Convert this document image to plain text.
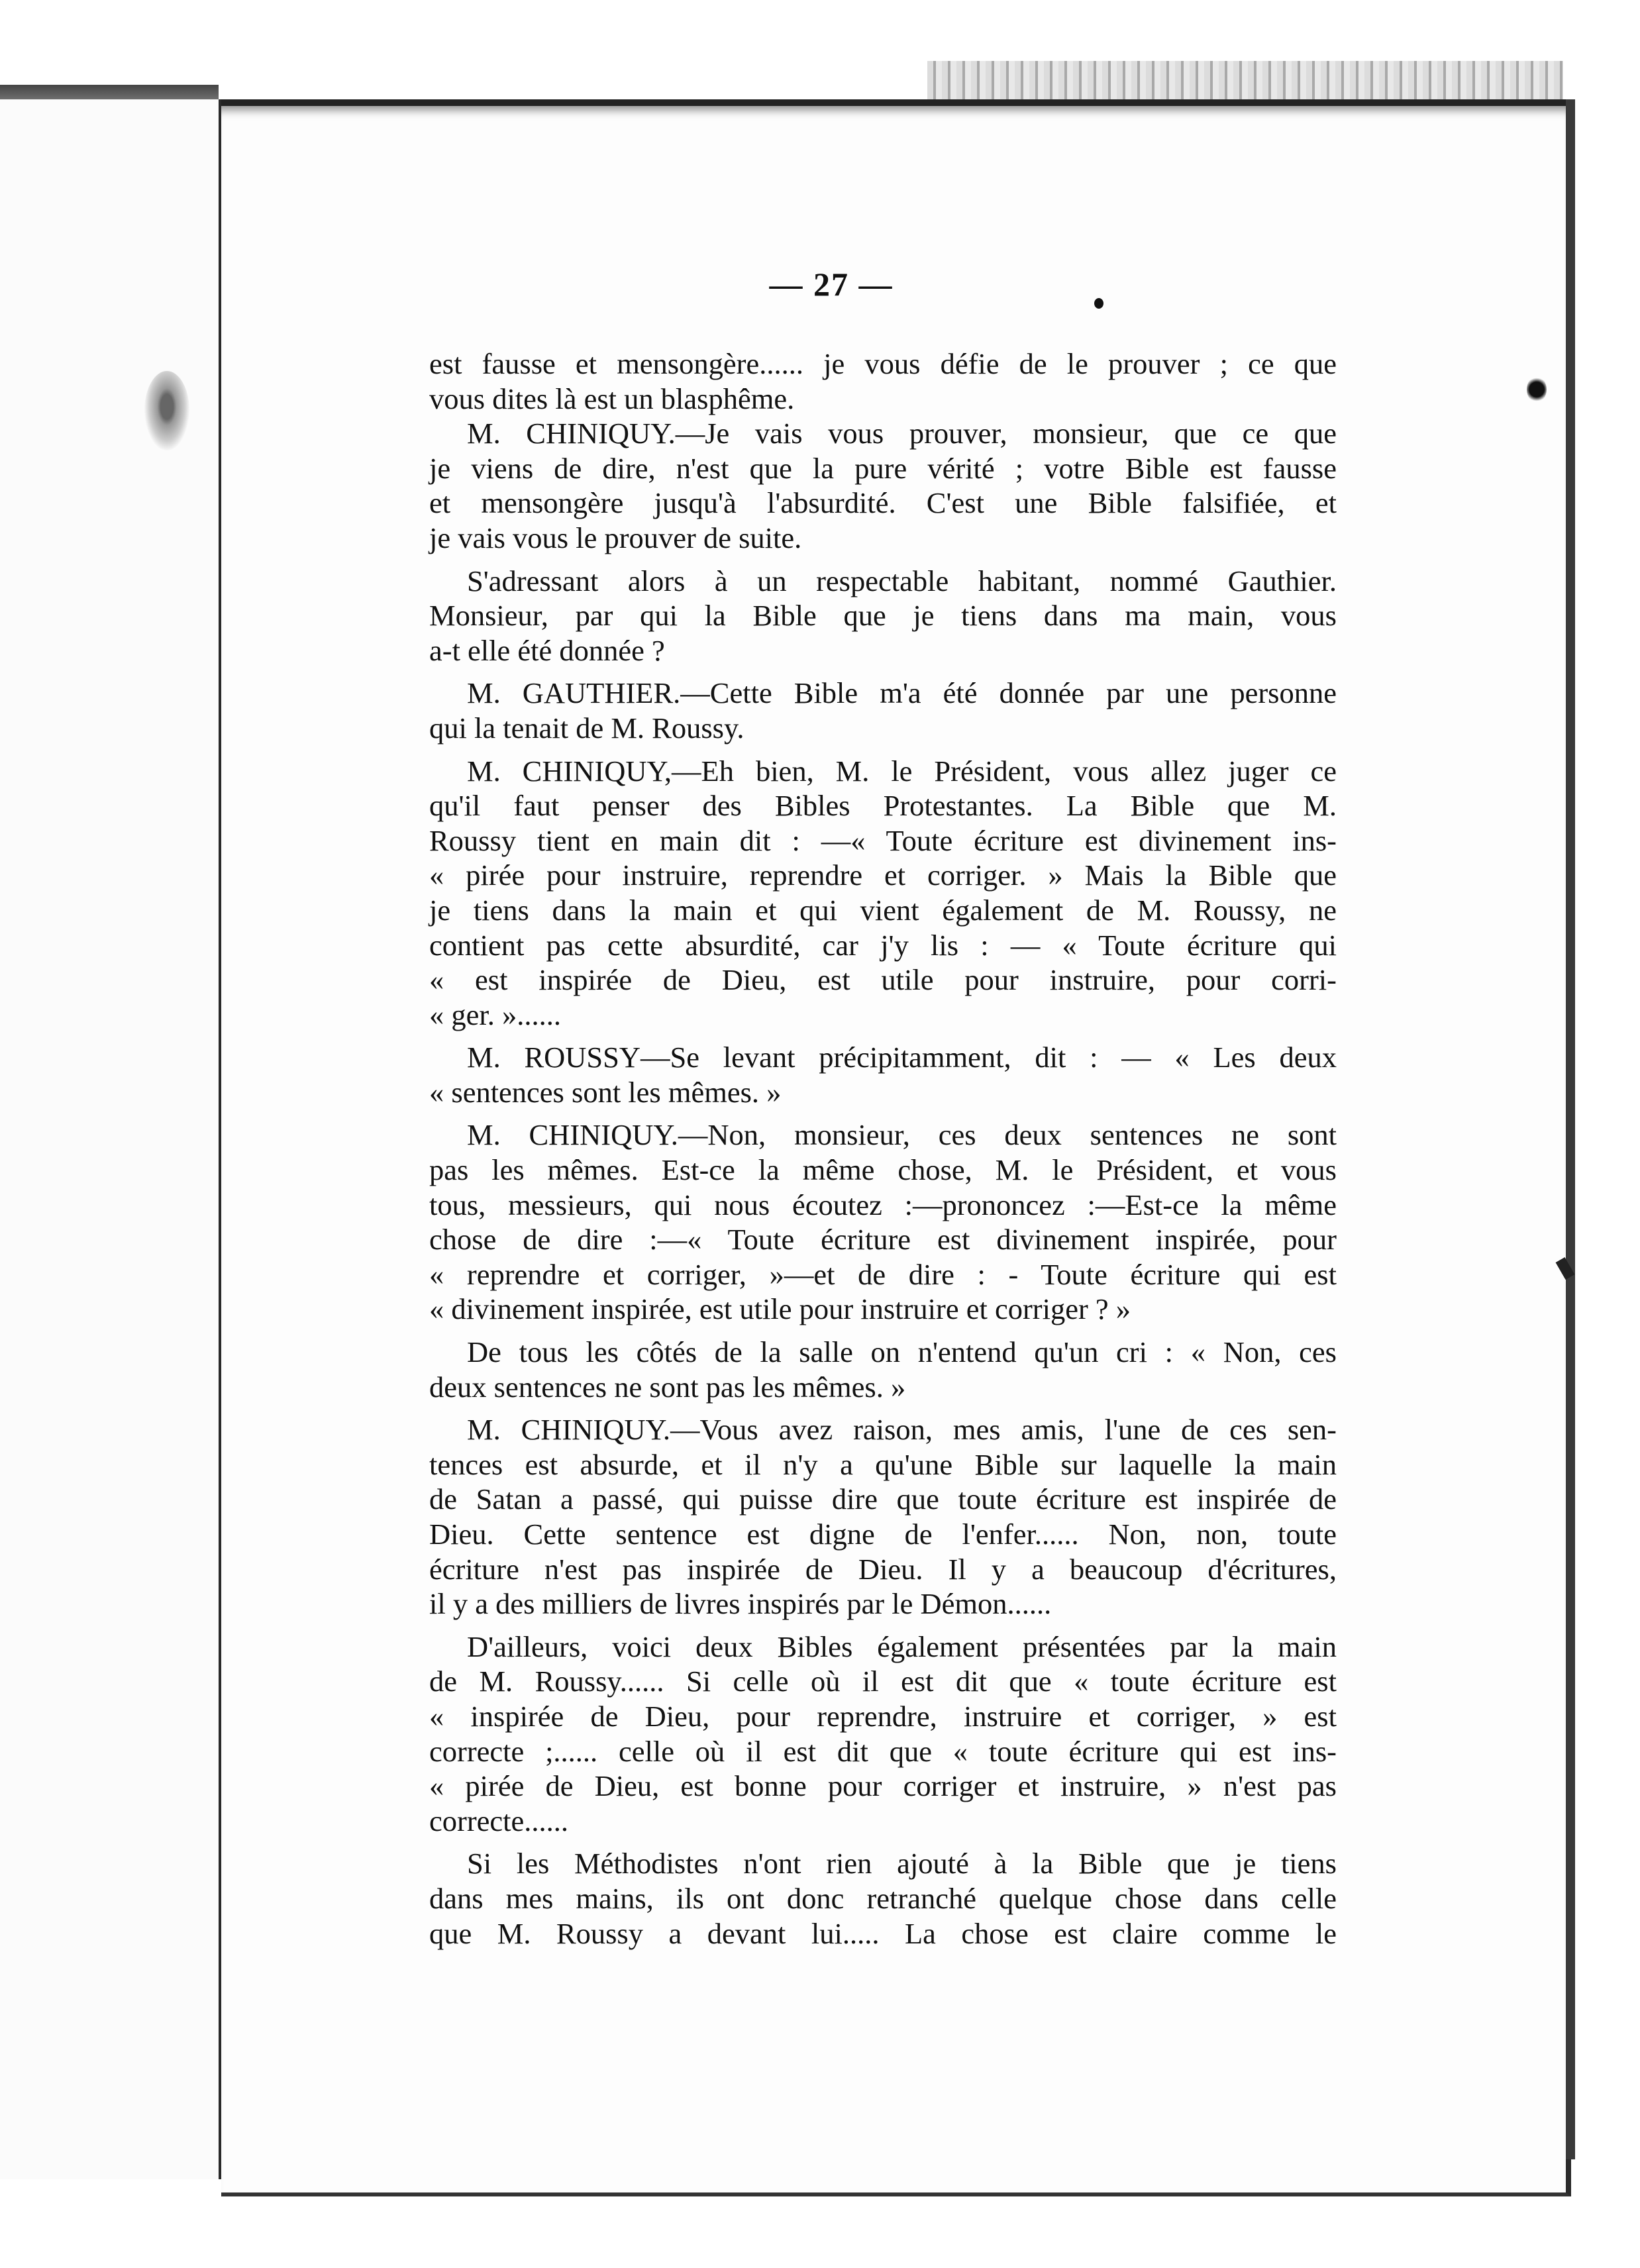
— 27 —
est fausse et mensongère...... je vous défie de le prouver ; ce que
vous dites là est un blasphême.
M. CHINIQUY.—Je vais vous prouver, monsieur, que ce que
je viens de dire, n'est que la pure vérité ; votre Bible est fausse
et mensongère jusqu'à l'absurdité. C'est une Bible falsifiée, et
je vais vous le prouver de suite.
S'adressant alors à un respectable habitant, nommé Gauthier.
Monsieur, par qui la Bible que je tiens dans ma main, vous
a-t elle été donnée ?
M. GAUTHIER.—Cette Bible m'a été donnée par une personne
qui la tenait de M. Roussy.
M. CHINIQUY,—Eh bien, M. le Président, vous allez juger ce
qu'il faut penser des Bibles Protestantes. La Bible que M.
Roussy tient en main dit : —« Toute écriture est divinement ins-
« pirée pour instruire, reprendre et corriger. » Mais la Bible que
je tiens dans la main et qui vient également de M. Roussy, ne
contient pas cette absurdité, car j'y lis : — « Toute écriture qui
« est inspirée de Dieu, est utile pour instruire, pour corri-
« ger. »......
M. ROUSSY—Se levant précipitamment, dit : — « Les deux
« sentences sont les mêmes. »
M. CHINIQUY.—Non, monsieur, ces deux sentences ne sont
pas les mêmes. Est-ce la même chose, M. le Président, et vous
tous, messieurs, qui nous écoutez :—prononcez :—Est-ce la même
chose de dire :—« Toute écriture est divinement inspirée, pour
« reprendre et corriger, »—et de dire : - Toute écriture qui est
« divinement inspirée, est utile pour instruire et corriger ? »
De tous les côtés de la salle on n'entend qu'un cri : « Non, ces
deux sentences ne sont pas les mêmes. »
M. CHINIQUY.—Vous avez raison, mes amis, l'une de ces sen-
tences est absurde, et il n'y a qu'une Bible sur laquelle la main
de Satan a passé, qui puisse dire que toute écriture est inspirée de
Dieu. Cette sentence est digne de l'enfer...... Non, non, toute
écriture n'est pas inspirée de Dieu. Il y a beaucoup d'écritures,
il y a des milliers de livres inspirés par le Démon......
D'ailleurs, voici deux Bibles également présentées par la main
de M. Roussy...... Si celle où il est dit que « toute écriture est
« inspirée de Dieu, pour reprendre, instruire et corriger, » est
correcte ;...... celle où il est dit que « toute écriture qui est ins-
« pirée de Dieu, est bonne pour corriger et instruire, » n'est pas
correcte......
Si les Méthodistes n'ont rien ajouté à la Bible que je tiens
dans mes mains, ils ont donc retranché quelque chose dans celle
que M. Roussy a devant lui..... La chose est claire comme le
